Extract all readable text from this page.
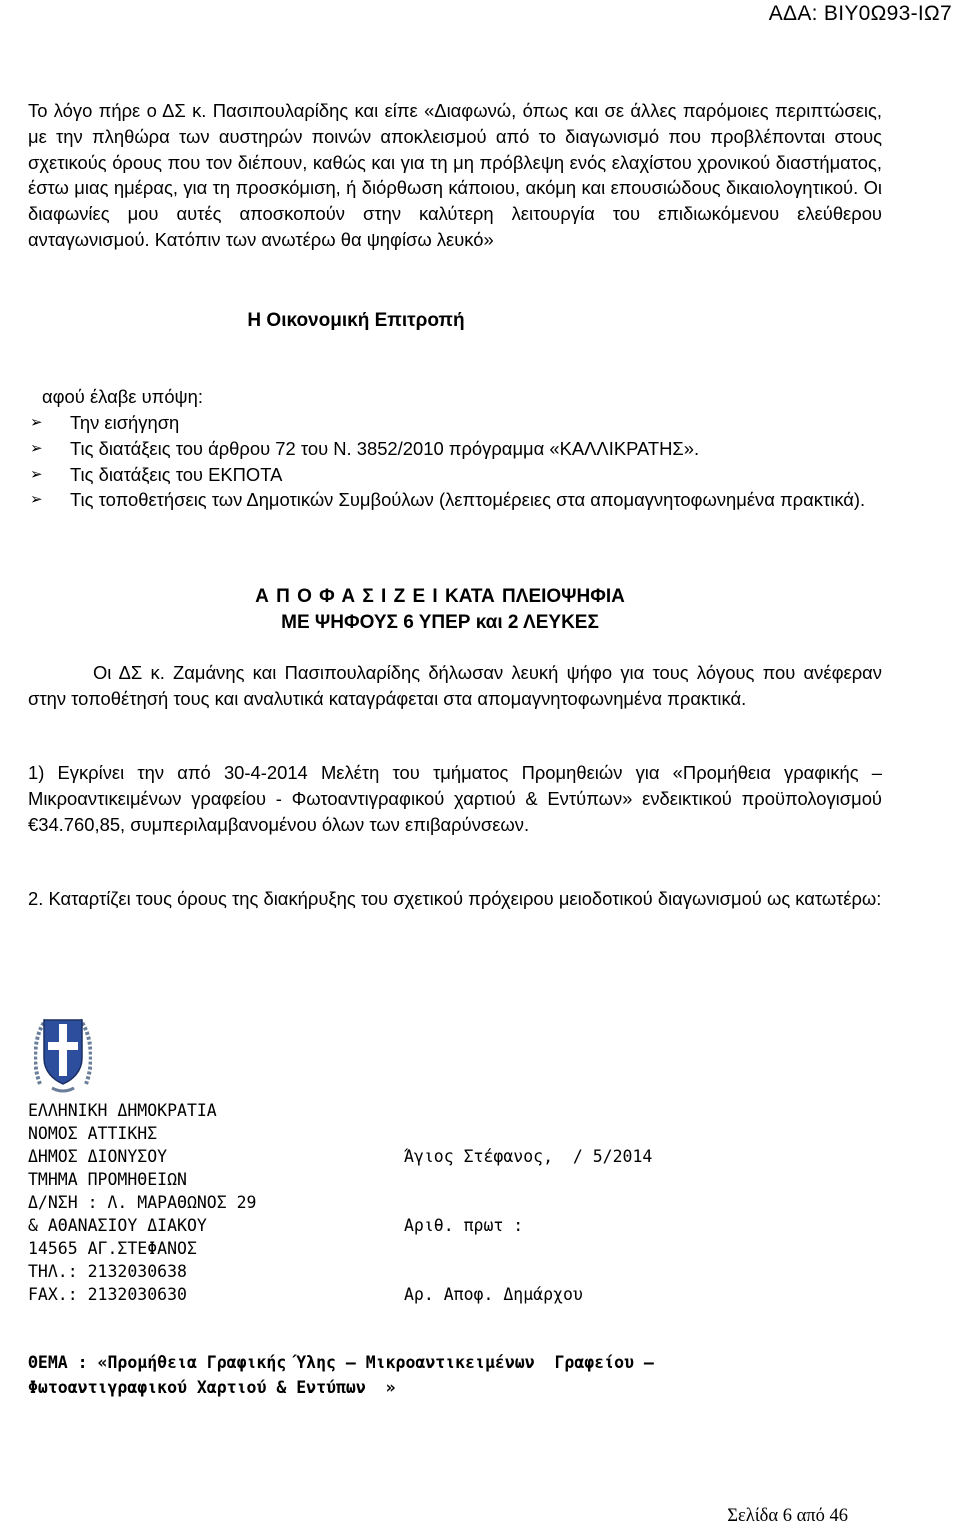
ΑΔΑ: ΒΙΥ0Ω93-ΙΩ7

Το λόγο πήρε ο ΔΣ κ. Πασιπουλαρίδης και είπε «Διαφωνώ, όπως και σε άλλες παρόμοιες περιπτώσεις, με την πληθώρα των αυστηρών ποινών αποκλεισμού από το διαγωνισμό που προβλέπονται στους σχετικούς όρους που τον διέπουν, καθώς και για τη μη πρόβλεψη ενός ελαχίστου χρονικού διαστήματος, έστω μιας ημέρας, για τη προσκόμιση, ή διόρθωση κάποιου, ακόμη και επουσιώδους δικαιολογητικού. Οι διαφωνίες μου αυτές αποσκοπούν στην καλύτερη λειτουργία του επιδιωκόμενου ελεύθερου ανταγωνισμού. Κατόπιν των ανωτέρω θα ψηφίσω λευκό»

Η Οικονομική Επιτροπή

αφού έλαβε υπόψη:

➢	Την εισήγηση
➢	Τις διατάξεις του άρθρου 72 του Ν. 3852/2010 πρόγραμμα «ΚΑΛΛΙΚΡΑΤΗΣ».
➢	Τις διατάξεις του ΕΚΠΟΤΑ
➢	Τις τοποθετήσεις των Δημοτικών Συμβούλων (λεπτομέρειες στα απομαγνητοφωνημένα πρακτικά).

Α Π Ο Φ Α Σ Ι Ζ Ε Ι ΚΑΤΑ ΠΛΕΙΟΨΗΦΙΑ

ΜΕ ΨΗΦΟΥΣ 6 ΥΠΕΡ και 2 ΛΕΥΚΕΣ

Οι ΔΣ κ. Ζαμάνης και Πασιπουλαρίδης δήλωσαν λευκή ψήφο για τους λόγους που ανέφεραν στην τοποθέτησή τους και αναλυτικά καταγράφεται στα απομαγνητοφωνημένα πρακτικά.

1) Εγκρίνει την από 30-4-2014 Μελέτη του τμήματος Προμηθειών για «Προμήθεια γραφικής – Μικροαντικειμένων γραφείου - Φωτοαντιγραφικού χαρτιού & Εντύπων» ενδεικτικού προϋπολογισμού €34.760,85, συμπεριλαμβανομένου όλων των επιβαρύνσεων.

2. Καταρτίζει τους όρους της διακήρυξης του σχετικού πρόχειρου μειοδοτικού διαγωνισμού ως κατωτέρω:

ΕΛΛΗΝΙΚΗ ΔΗΜΟΚΡΑΤΙΑ
ΝΟΜΟΣ ΑΤΤΙΚΗΣ
ΔΗΜΟΣ ΔΙΟΝΥΣΟΥ
ΤΜΗΜΑ ΠΡΟΜΗΘΕΙΩΝ
Δ/ΝΣΗ : Λ. ΜΑΡΑΘΩΝΟΣ 29
& ΑΘΑΝΑΣΙΟΥ ΔΙΑΚΟΥ
14565 ΑΓ.ΣΤΕΦΑΝΟΣ
ΤΗΛ.: 2132030638
FAX.: 2132030630

Άγιος Στέφανος,  / 5/2014

Αριθ. πρωτ :

Αρ. Αποφ. Δημάρχου

ΘΕΜΑ : «Προμήθεια Γραφικής Ύλης – Μικροαντικειμένων  Γραφείου –
Φωτοαντιγραφικού Χαρτιού & Εντύπων  »
Σελίδα 6 από 46
